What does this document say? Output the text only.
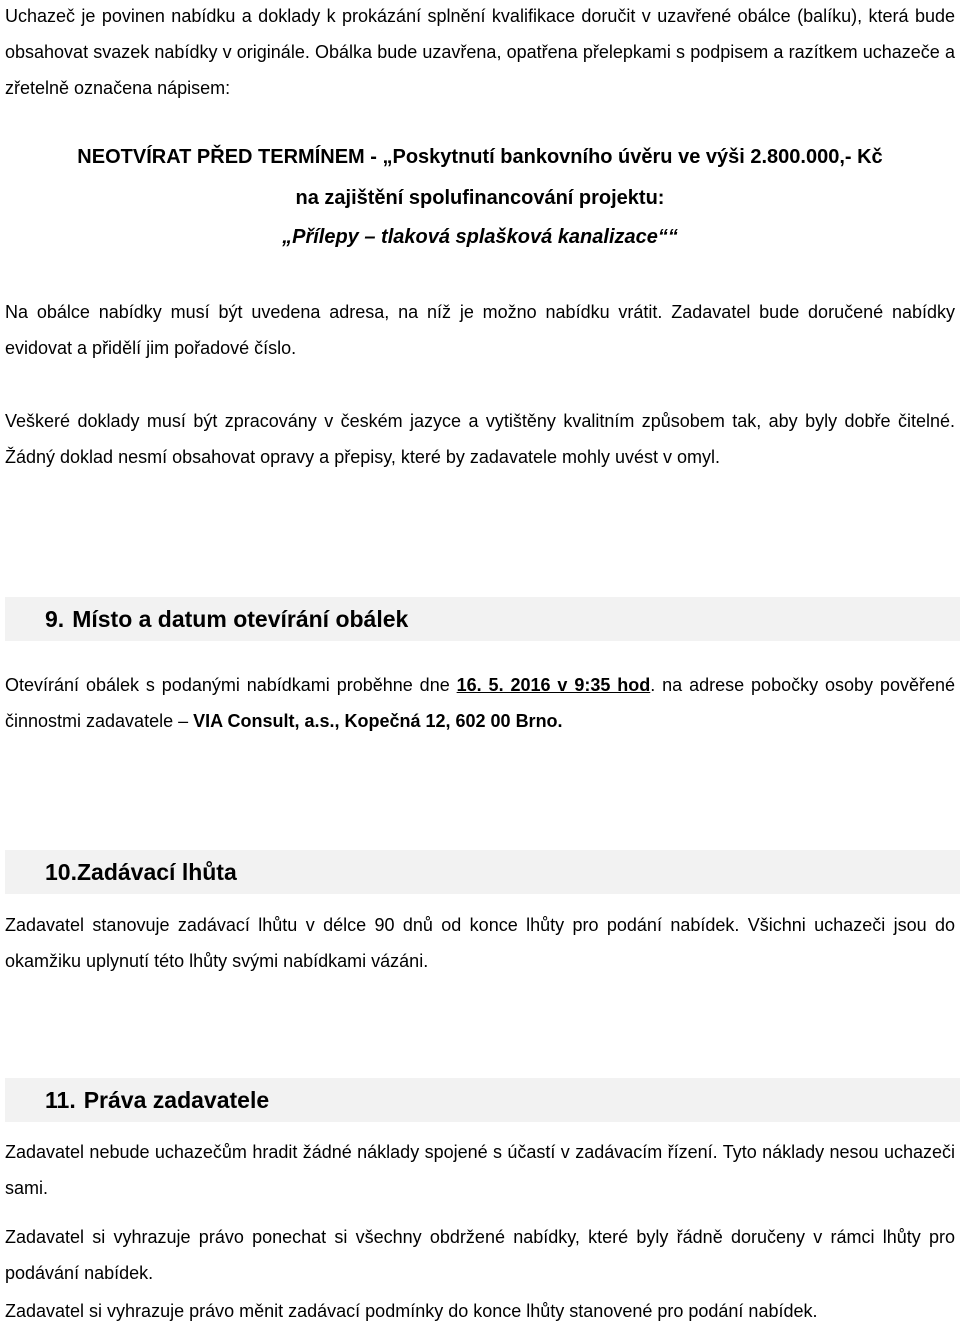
Uchazeč je povinen nabídku a doklady k prokázání splnění kvalifikace doručit v uzavřené obálce (balíku), která bude obsahovat svazek nabídky v originále. Obálka bude uzavřena, opatřena přelepkami s podpisem a razítkem uchazeče a zřetelně označena nápisem:

NEOTVÍRAT PŘED TERMÍNEM - „Poskytnutí bankovního úvěru ve výši 2.800.000,- Kč
na zajištění spolufinancování projektu:
„Přílepy – tlaková splašková kanalizace““

Na obálce nabídky musí být uvedena adresa, na níž je možno nabídku vrátit. Zadavatel bude doručené nabídky evidovat a přidělí jim pořadové číslo.

Veškeré doklady musí být zpracovány v českém jazyce a vytištěny kvalitním způsobem tak, aby byly dobře čitelné. Žádný doklad nesmí obsahovat opravy a přepisy, které by zadavatele mohly uvést v omyl.

9. Místo a datum otevírání obálek

Otevírání obálek s podanými nabídkami proběhne dne 16. 5. 2016 v 9:35 hod. na adrese pobočky osoby pověřené činnostmi zadavatele – VIA Consult, a.s., Kopečná 12, 602 00 Brno.

10.Zadávací lhůta

Zadavatel stanovuje zadávací lhůtu v délce 90 dnů od konce lhůty pro podání nabídek. Všichni uchazeči jsou do okamžiku uplynutí této lhůty svými nabídkami vázáni.

11. Práva zadavatele

Zadavatel nebude uchazečům hradit žádné náklady spojené s účastí v zadávacím řízení. Tyto náklady nesou uchazeči sami.

Zadavatel si vyhrazuje právo ponechat si všechny obdržené nabídky, které byly řádně doručeny v rámci lhůty pro podávání nabídek.

Zadavatel si vyhrazuje právo měnit zadávací podmínky do konce lhůty stanovené pro podání nabídek.
